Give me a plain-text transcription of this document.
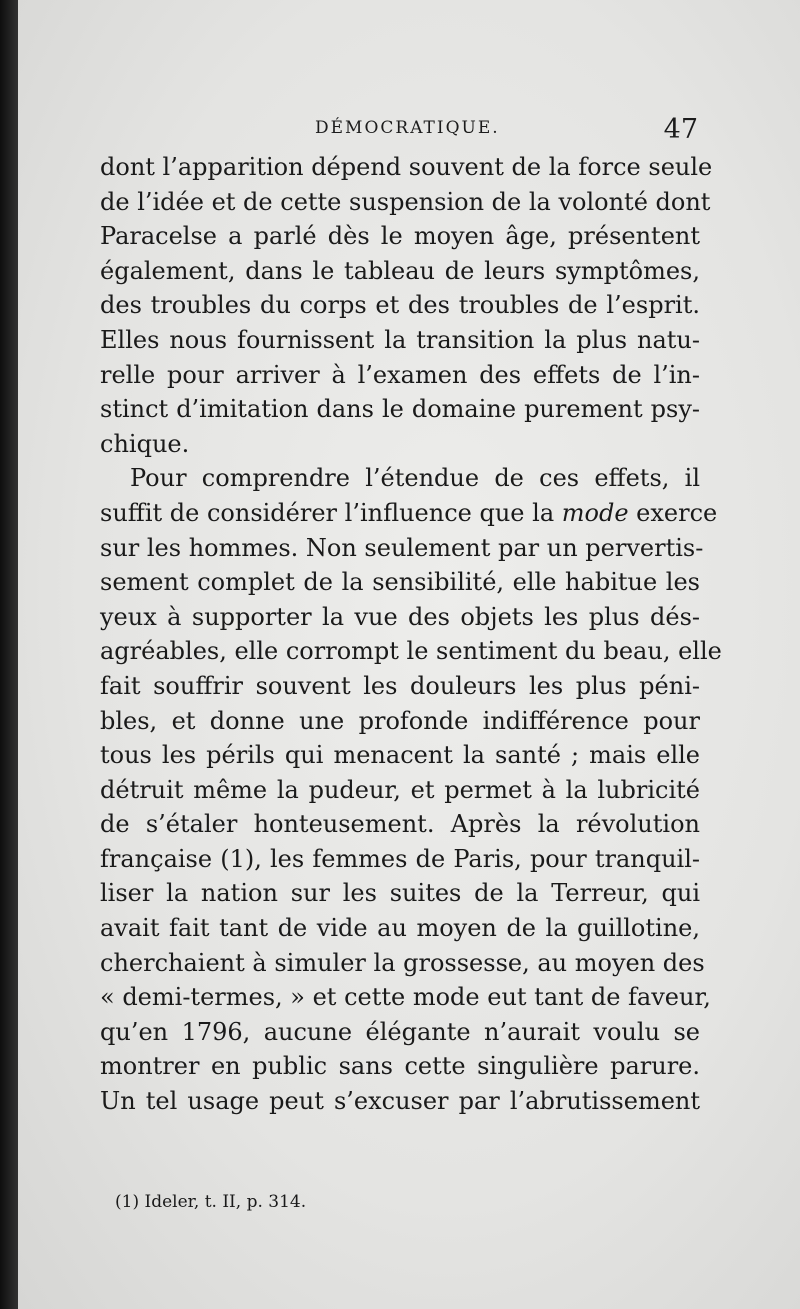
DÉMOCRATIQUE.	47
dont l’apparition dépend souvent de la force seule
de l’idée et de cette suspension de la volonté dont
Paracelse a parlé dès le moyen âge, présentent
également, dans le tableau de leurs symptômes,
des troubles du corps et des troubles de l’esprit.
Elles nous fournissent la transition la plus natu-
relle pour arriver à l’examen des effets de l’in-
stinct d’imitation dans le domaine purement psy-
chique.
Pour comprendre l’étendue de ces effets, il
suffit de considérer l’influence que la mode exerce
sur les hommes. Non seulement par un pervertis-
sement complet de la sensibilité, elle habitue les
yeux à supporter la vue des objets les plus dés-
agréables, elle corrompt le sentiment du beau, elle
fait souffrir souvent les douleurs les plus péni-
bles, et donne une profonde indifférence pour
tous les périls qui menacent la santé ; mais elle
détruit même la pudeur, et permet à la lubricité
de s’étaler honteusement. Après la révolution
française (1), les femmes de Paris, pour tranquil-
liser la nation sur les suites de la Terreur, qui
avait fait tant de vide au moyen de la guillotine,
cherchaient à simuler la grossesse, au moyen des
« demi-termes, » et cette mode eut tant de faveur,
qu’en 1796, aucune élégante n’aurait voulu se
montrer en public sans cette singulière parure.
Un tel usage peut s’excuser par l’abrutissement
(1) Ideler, t. II, p. 314.
